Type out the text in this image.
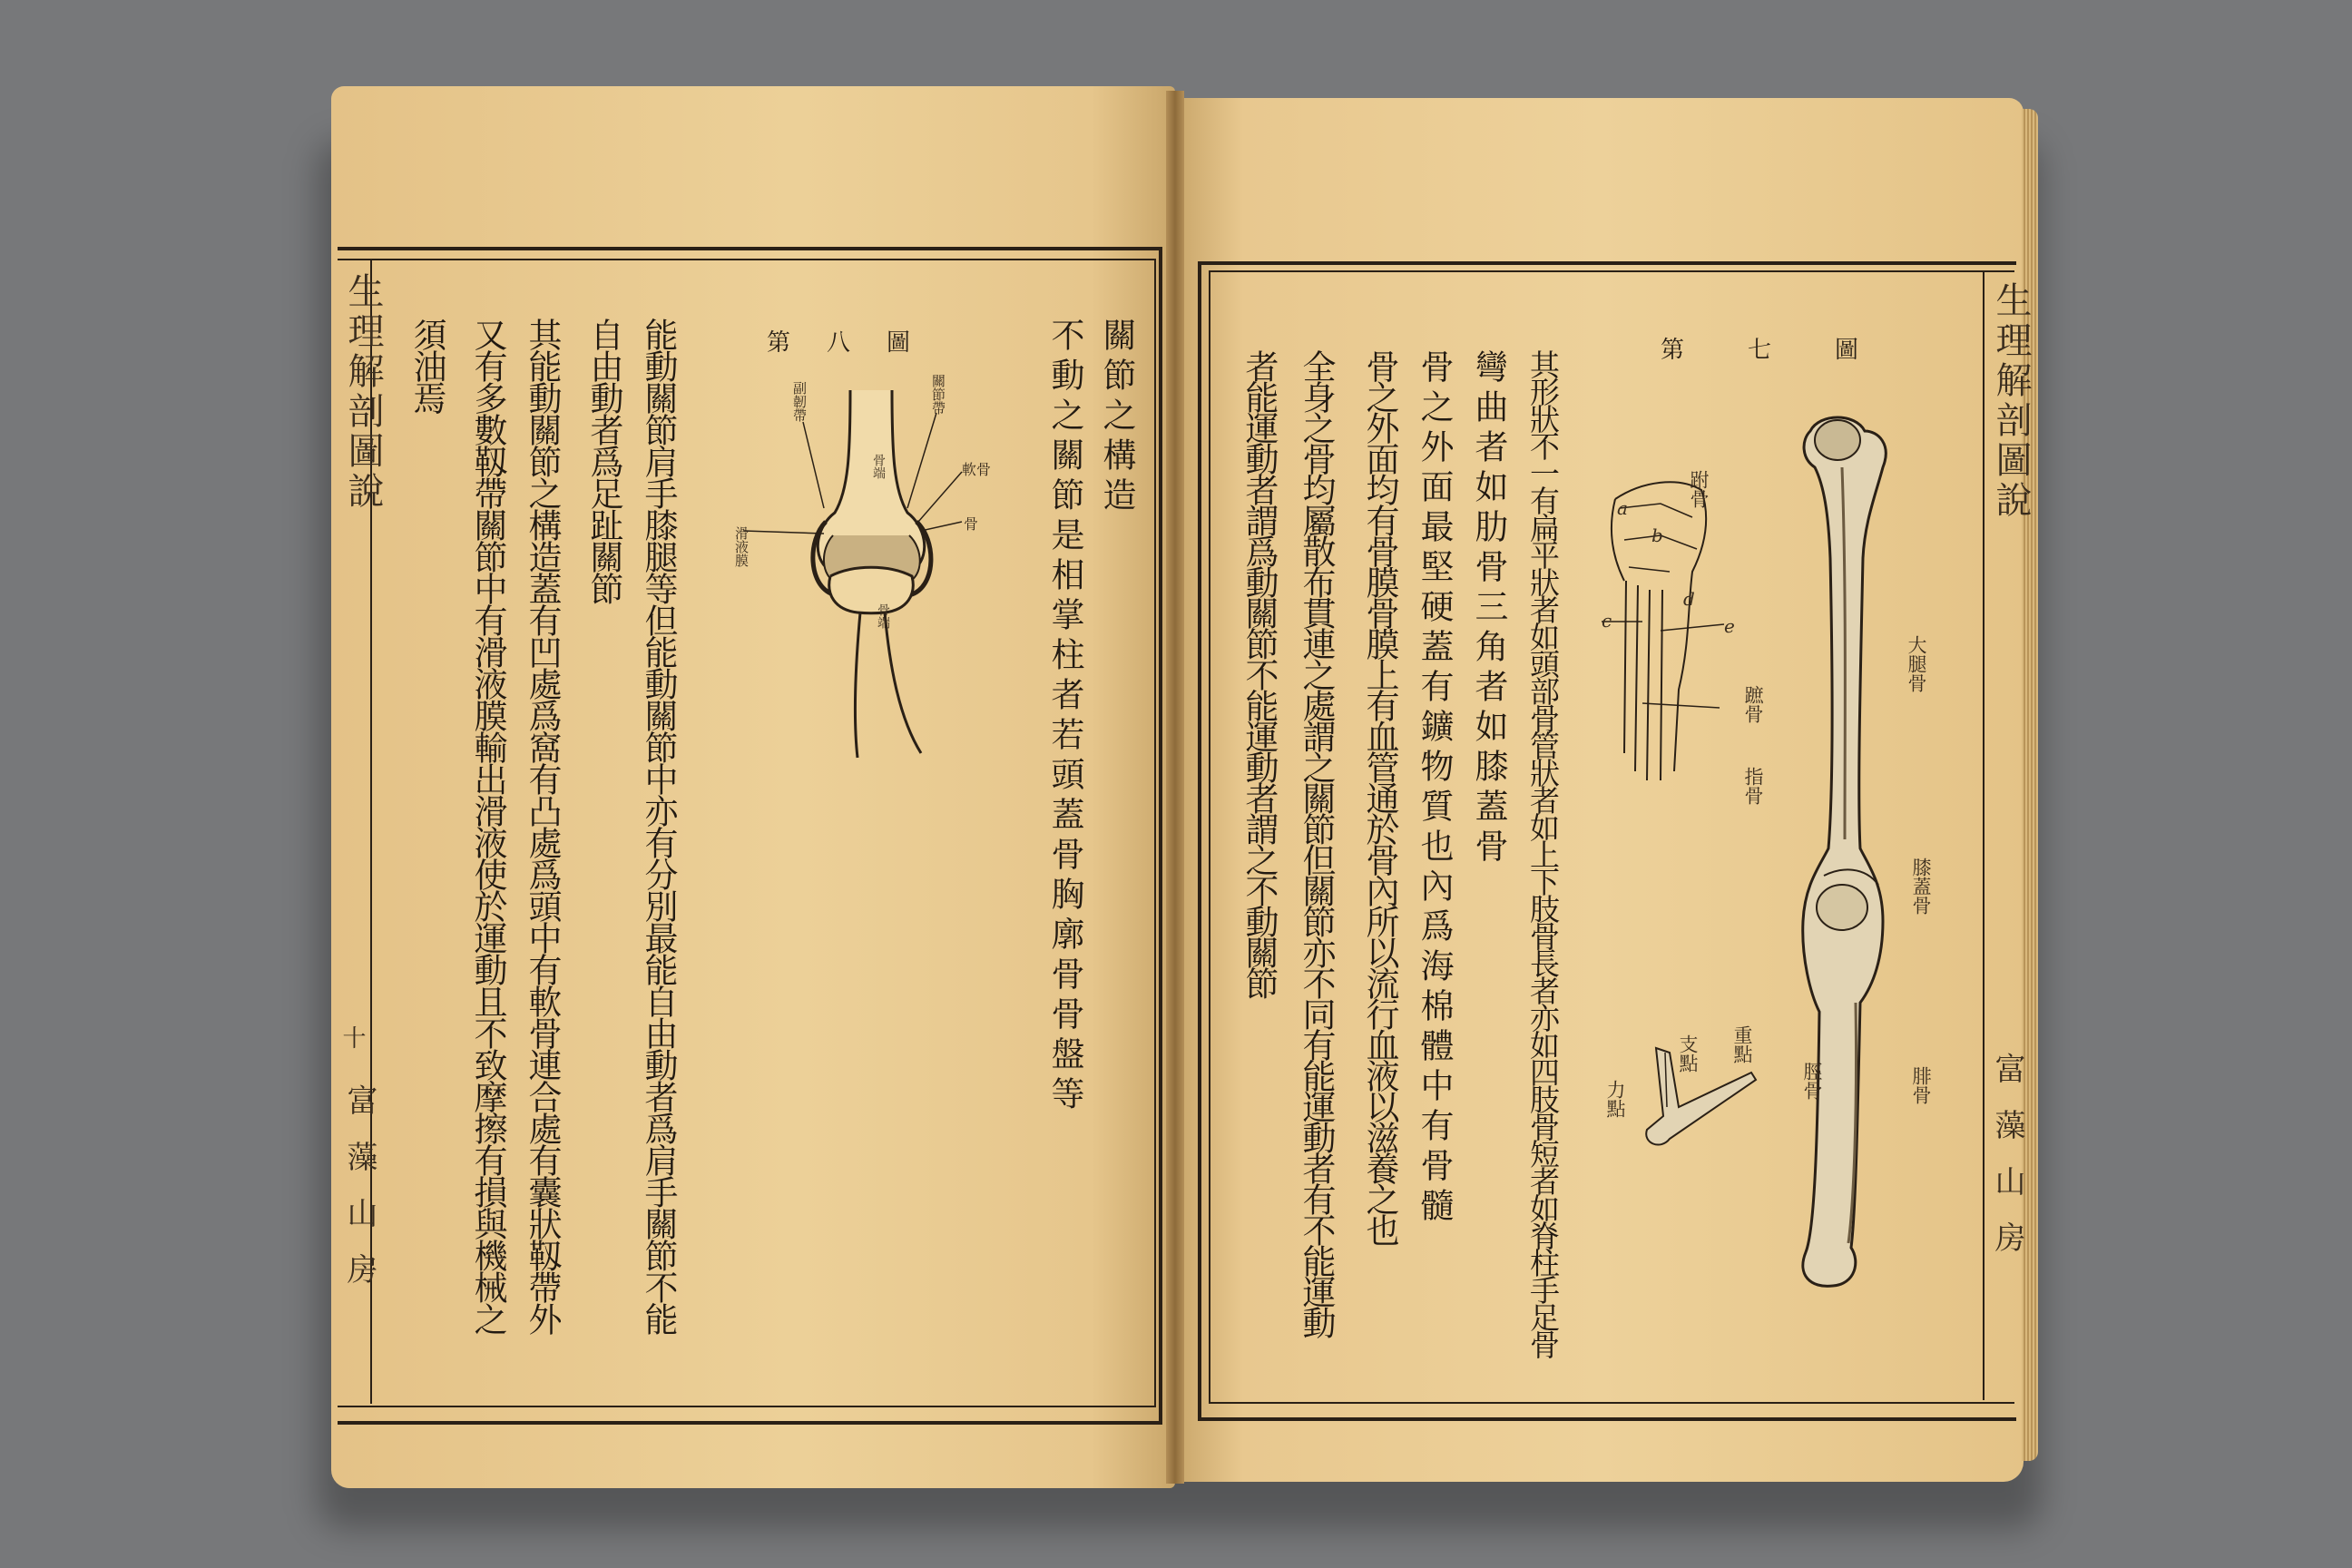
生理解剖圖說
十
富藻山房
第八圖
副韌帶	關節帶
軟骨
骨
滑液膜
骨端
骨端
關節之構造
不動之關節是相掌柱者若頭蓋骨胸廓骨骨盤等
能動關節肩手膝腿等但能動關節中亦有分別最能自由動者爲肩手關節不能
自由動者爲足趾關節
其能動關節之構造蓋有凹處爲窩有凸處爲頭中有軟骨連合處有囊狀靱帶外
又有多數靱帶關節中有滑液膜輸出滑液使於運動且不致摩擦有損與機械之
須油焉	生理解剖圖說
富藻山房
第七圖
a
b
c
d
e
跗骨
蹠骨
指骨
重點
支點
力點
大腿骨
膝蓋骨
脛骨	腓骨
其形狀不一有扁平狀者如頭部骨管狀者如上下肢骨長者亦如四肢骨短者如脊柱手足骨
彎曲者如肋骨三角者如膝蓋骨
骨之外面最堅硬蓋有鑛物質也內爲海棉體中有骨髓
骨之外面均有骨膜骨膜上有血管通於骨內所以流行血液以滋養之也
全身之骨均屬散布貫連之處謂之關節但關節亦不同有能運動者有不能運動
者能運動者謂爲動關節不能運動者謂之不動關節
